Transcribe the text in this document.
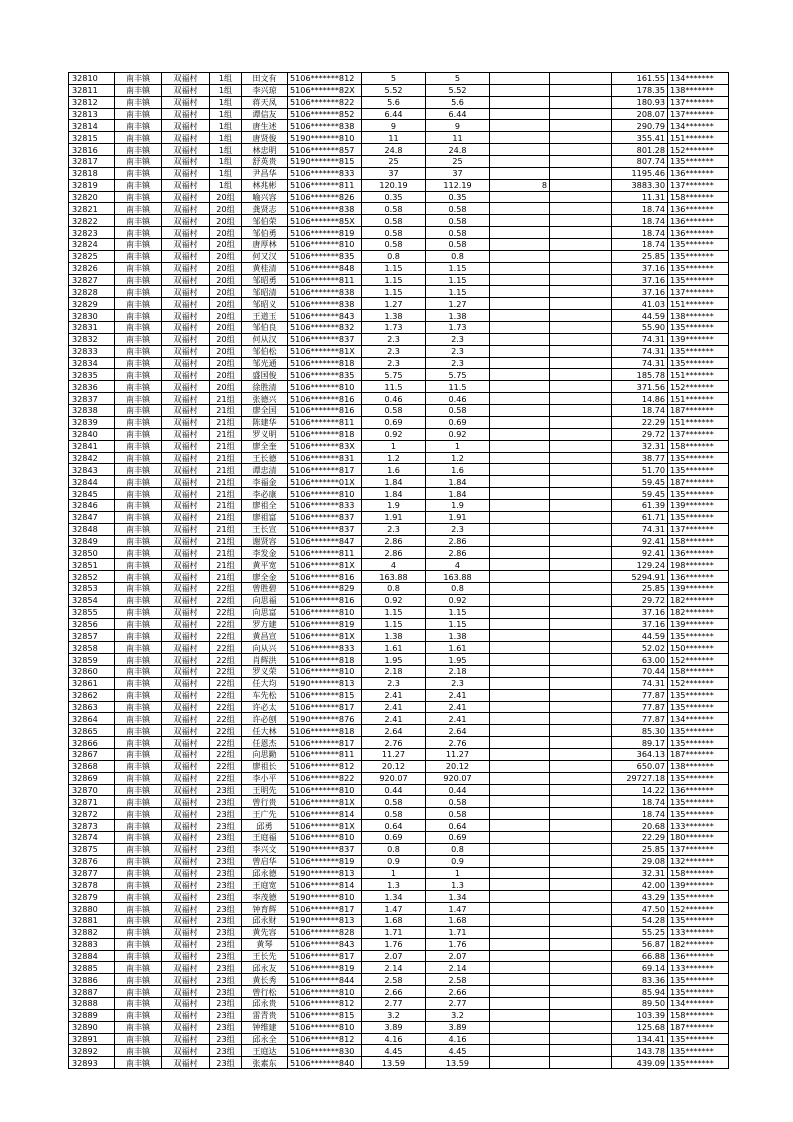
32810	南丰镇	双福村	1组	田文有	5106*******812	5	5			161.55	134*******
32811	南丰镇	双福村	1组	李兴琼	5106*******82X	5.52	5.52			178.35	138*******
32812	南丰镇	双福村	1组	蒋天凤	5106*******822	5.6	5.6			180.93	137*******
32813	南丰镇	双福村	1组	谭信友	5106*******852	6.44	6.44			208.07	137*******
32814	南丰镇	双福村	1组	唐生述	5106*******838	9	9			290.79	134*******
32815	南丰镇	双福村	1组	唐贤俊	5190*******810	11	11			355.41	151*******
32816	南丰镇	双福村	1组	林忠明	5106*******857	24.8	24.8			801.28	152*******
32817	南丰镇	双福村	1组	舒英贵	5190*******815	25	25			807.74	135*******
32818	南丰镇	双福村	1组	尹昌华	5106*******833	37	37			1195.46	136*******
32819	南丰镇	双福村	1组	林兆彬	5106*******811	120.19	112.19	8		3883.30	137*******
32820	南丰镇	双福村	20组	喻兴容	5106*******826	0.35	0.35			11.31	158*******
32821	南丰镇	双福村	20组	龚贤志	5106*******838	0.58	0.58			18.74	136*******
32822	南丰镇	双福村	20组	邹伯荣	5106*******85X	0.58	0.58			18.74	136*******
32823	南丰镇	双福村	20组	邹伯勇	5106*******819	0.58	0.58			18.74	136*******
32824	南丰镇	双福村	20组	唐厚林	5106*******810	0.58	0.58			18.74	135*******
32825	南丰镇	双福村	20组	何又汉	5106*******835	0.8	0.8			25.85	135*******
32826	南丰镇	双福村	20组	黄桂清	5106*******848	1.15	1.15			37.16	135*******
32827	南丰镇	双福村	20组	邹昭勇	5106*******811	1.15	1.15			37.16	135*******
32828	南丰镇	双福村	20组	邹昭清	5106*******838	1.15	1.15			37.16	137*******
32829	南丰镇	双福村	20组	邹昭义	5106*******838	1.27	1.27			41.03	151*******
32830	南丰镇	双福村	20组	王道玉	5106*******843	1.38	1.38			44.59	138*******
32831	南丰镇	双福村	20组	邹伯良	5106*******832	1.73	1.73			55.90	135*******
32832	南丰镇	双福村	20组	何从汉	5106*******837	2.3	2.3			74.31	139*******
32833	南丰镇	双福村	20组	邹伯松	5106*******81X	2.3	2.3			74.31	135*******
32834	南丰镇	双福村	20组	邹光通	5106*******818	2.3	2.3			74.31	135*******
32835	南丰镇	双福村	20组	盛国俊	5106*******835	5.75	5.75			185.78	151*******
32836	南丰镇	双福村	20组	徐胜清	5106*******810	11.5	11.5			371.56	152*******
32837	南丰镇	双福村	21组	张德兴	5106*******816	0.46	0.46			14.86	151*******
32838	南丰镇	双福村	21组	廖全国	5106*******816	0.58	0.58			18.74	187*******
32839	南丰镇	双福村	21组	陈建华	5106*******811	0.69	0.69			22.29	151*******
32840	南丰镇	双福村	21组	罗义明	5106*******818	0.92	0.92			29.72	137*******
32841	南丰镇	双福村	21组	廖全奎	5106*******83X	1	1			32.31	158*******
32842	南丰镇	双福村	21组	王长德	5106*******831	1.2	1.2			38.77	135*******
32843	南丰镇	双福村	21组	谭忠清	5106*******817	1.6	1.6			51.70	135*******
32844	南丰镇	双福村	21组	李福金	5106*******01X	1.84	1.84			59.45	187*******
32845	南丰镇	双福村	21组	李必康	5106*******810	1.84	1.84			59.45	135*******
32846	南丰镇	双福村	21组	廖祖全	5106*******833	1.9	1.9			61.39	139*******
32847	南丰镇	双福村	21组	廖祖富	5106*******837	1.91	1.91			61.71	135*******
32848	南丰镇	双福村	21组	王长宣	5106*******837	2.3	2.3			74.31	137*******
32849	南丰镇	双福村	21组	谢贤容	5106*******847	2.86	2.86			92.41	158*******
32850	南丰镇	双福村	21组	李发金	5106*******811	2.86	2.86			92.41	136*******
32851	南丰镇	双福村	21组	黄平宽	5106*******81X	4	4			129.24	198*******
32852	南丰镇	双福村	21组	廖全金	5106*******816	163.88	163.88			5294.91	136*******
32853	南丰镇	双福村	22组	曾胜碧	5106*******829	0.8	0.8			25.85	139*******
32854	南丰镇	双福村	22组	向思福	5106*******816	0.92	0.92			29.72	182*******
32855	南丰镇	双福村	22组	向思富	5106*******810	1.15	1.15			37.16	182*******
32856	南丰镇	双福村	22组	罗方建	5106*******819	1.15	1.15			37.16	139*******
32857	南丰镇	双福村	22组	黄昌宣	5106*******81X	1.38	1.38			44.59	135*******
32858	南丰镇	双福村	22组	向从兴	5106*******833	1.61	1.61			52.02	150*******
32859	南丰镇	双福村	22组	肖辉洪	5106*******818	1.95	1.95			63.00	152*******
32860	南丰镇	双福村	22组	罗义荣	5106*******810	2.18	2.18			70.44	158*******
32861	南丰镇	双福村	22组	任大均	5190*******813	2.3	2.3			74.31	152*******
32862	南丰镇	双福村	22组	车先松	5106*******815	2.41	2.41			77.87	135*******
32863	南丰镇	双福村	22组	许必太	5106*******817	2.41	2.41			77.87	135*******
32864	南丰镇	双福村	22组	许必刨	5190*******876	2.41	2.41			77.87	134*******
32865	南丰镇	双福村	22组	任大林	5106*******818	2.64	2.64			85.30	135*******
32866	南丰镇	双福村	22组	任恩杰	5106*******817	2.76	2.76			89.17	135*******
32867	南丰镇	双福村	22组	向思勤	5106*******811	11.27	11.27			364.13	187*******
32868	南丰镇	双福村	22组	廖祖长	5106*******812	20.12	20.12			650.07	138*******
32869	南丰镇	双福村	22组	李小平	5106*******822	920.07	920.07			29727.18	135*******
32870	南丰镇	双福村	23组	王明先	5106*******810	0.44	0.44			14.22	136*******
32871	南丰镇	双福村	23组	曾行贵	5106*******81X	0.58	0.58			18.74	135*******
32872	南丰镇	双福村	23组	王广先	5106*******814	0.58	0.58			18.74	135*******
32873	南丰镇	双福村	23组	邱勇	5106*******81X	0.64	0.64			20.68	133*******
32874	南丰镇	双福村	23组	王庭福	5106*******810	0.69	0.69			22.29	180*******
32875	南丰镇	双福村	23组	李兴文	5190*******837	0.8	0.8			25.85	137*******
32876	南丰镇	双福村	23组	曾启华	5106*******819	0.9	0.9			29.08	132*******
32877	南丰镇	双福村	23组	邱永德	5190*******813	1	1			32.31	158*******
32878	南丰镇	双福村	23组	王庭宽	5106*******814	1.3	1.3			42.00	139*******
32879	南丰镇	双福村	23组	李茂德	5190*******810	1.34	1.34			43.29	135*******
32880	南丰镇	双福村	23组	钟育辉	5106*******817	1.47	1.47			47.50	152*******
32881	南丰镇	双福村	23组	邱永财	5190*******813	1.68	1.68			54.28	135*******
32882	南丰镇	双福村	23组	黄先容	5106*******828	1.71	1.71			55.25	133*******
32883	南丰镇	双福村	23组	黄琴	5106*******843	1.76	1.76			56.87	182*******
32884	南丰镇	双福村	23组	王长先	5106*******817	2.07	2.07			66.88	136*******
32885	南丰镇	双福村	23组	邱永友	5106*******819	2.14	2.14			69.14	133*******
32886	南丰镇	双福村	23组	黄长秀	5106*******844	2.58	2.58			83.36	135*******
32887	南丰镇	双福村	23组	曾行松	5106*******810	2.66	2.66			85.94	135*******
32888	南丰镇	双福村	23组	邱永贵	5106*******812	2.77	2.77			89.50	134*******
32889	南丰镇	双福村	23组	雷青贵	5106*******815	3.2	3.2			103.39	158*******
32890	南丰镇	双福村	23组	钟维建	5106*******810	3.89	3.89			125.68	187*******
32891	南丰镇	双福村	23组	邱永全	5106*******812	4.16	4.16			134.41	135*******
32892	南丰镇	双福村	23组	王庭达	5106*******830	4.45	4.45			143.78	135*******
32893	南丰镇	双福村	23组	张素东	5106*******840	13.59	13.59			439.09	135*******
